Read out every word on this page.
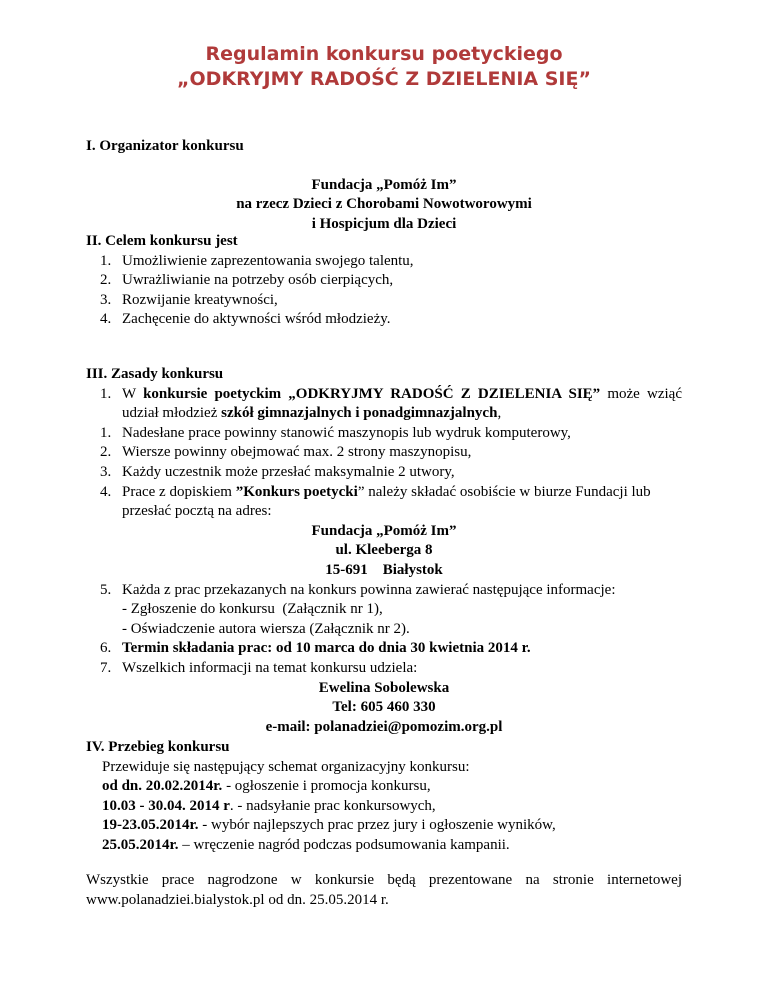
Regulamin konkursu poetyckiego
„ODKRYJMY RADOŚĆ Z DZIELENIA SIĘ”
I. Organizator konkursu
Fundacja „Pomóż Im”
na rzecz Dzieci z Chorobami Nowotworowymi
i Hospicjum dla Dzieci
II. Celem konkursu jest
1. Umożliwienie zaprezentowania swojego talentu,
2. Uwrażliwianie na potrzeby osób cierpiących,
3. Rozwijanie kreatywności,
4. Zachęcenie do aktywności wśród młodzieży.
III. Zasady konkursu
1. W konkursie poetyckim „ODKRYJMY RADOŚĆ Z DZIELENIA SIĘ” może wziąć udział młodzież szkół gimnazjalnych i ponadgimnazjalnych,
1. Nadesłane prace powinny stanowić maszynopis lub wydruk komputerowy,
2. Wiersze powinny obejmować max. 2 strony maszynopisu,
3. Każdy uczestnik może przesłać maksymalnie 2 utwory,
4. Prace z dopiskiem ”Konkurs poetycki” należy składać osobiście w biurze Fundacji lub przesłać pocztą na adres:
Fundacja „Pomóż Im”
ul. Kleeberga 8
15-691    Białystok
5. Każda z prac przekazanych na konkurs powinna zawierać następujące informacje:
- Zgłoszenie do konkursu  (Załącznik nr 1),
- Oświadczenie autora wiersza (Załącznik nr 2).
6. Termin składania prac: od 10 marca do dnia 30 kwietnia 2014 r.
7. Wszelkich informacji na temat konkursu udziela:
Ewelina Sobolewska
Tel: 605 460 330
e-mail: polanadziei@pomozim.org.pl
IV. Przebieg konkursu
Przewiduje się następujący schemat organizacyjny konkursu:
od dn. 20.02.2014r. - ogłoszenie i promocja konkursu,
10.03 - 30.04. 2014 r. - nadsyłanie prac konkursowych,
19-23.05.2014r. - wybór najlepszych prac przez jury i ogłoszenie wyników,
25.05.2014r. – wręczenie nagród podczas podsumowania kampanii.
Wszystkie prace nagrodzone w konkursie będą prezentowane na stronie internetowej www.polanadziei.bialystok.pl od dn. 25.05.2014 r.
